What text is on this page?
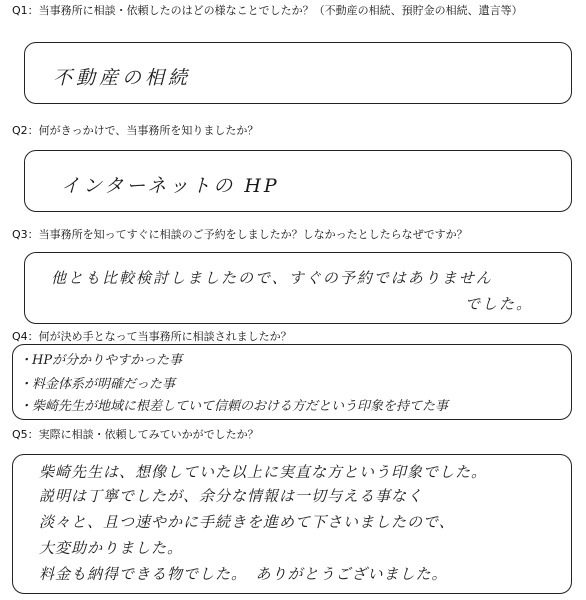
Q1：当事務所に相談・依頼したのはどの様なことでしたか？（不動産の相続、預貯金の相続、遺言等）
不動産の相続
Q2：何がきっかけで、当事務所を知りましたか？
インターネットの HP
Q3：当事務所を知ってすぐに相談のご予約をしましたか？しなかったとしたらなぜですか？
他とも比較検討しましたので、すぐの予約ではありません
でした。
Q4：何が決め手となって当事務所に相談されましたか？
・HPが分かりやすかった事
・料金体系が明確だった事
・柴崎先生が地域に根差していて信頼のおける方だという印象を持てた事
Q5：実際に相談・依頼してみていかがでしたか？
柴崎先生は、想像していた以上に実直な方という印象でした。
説明は丁寧でしたが、余分な情報は一切与える事なく
淡々と、且つ速やかに手続きを進めて下さいましたので、
大変助かりました。
料金も納得できる物でした。　ありがとうございました。
